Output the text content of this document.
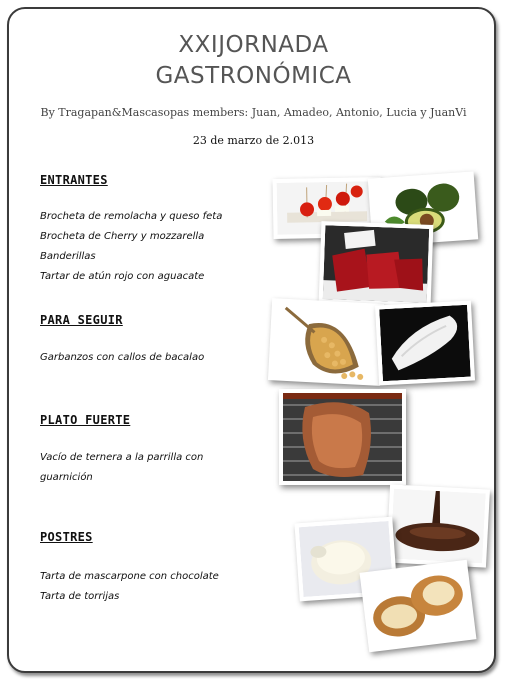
XXIJORNADA
GASTRONÓMICA
By Tragapan&Mascasopas members: Juan, Amadeo, Antonio, Lucia y JuanVi
23 de marzo de 2.013
ENTRANTES
Brocheta de remolacha y queso feta
Brocheta de Cherry y mozzarella
Banderillas
Tartar de atún rojo con aguacate
PARA SEGUIR
Garbanzos con callos de bacalao
PLATO FUERTE
Vacío de ternera a la parrilla con
guarnición
POSTRES
Tarta de mascarpone con chocolate
Tarta de torrijas
